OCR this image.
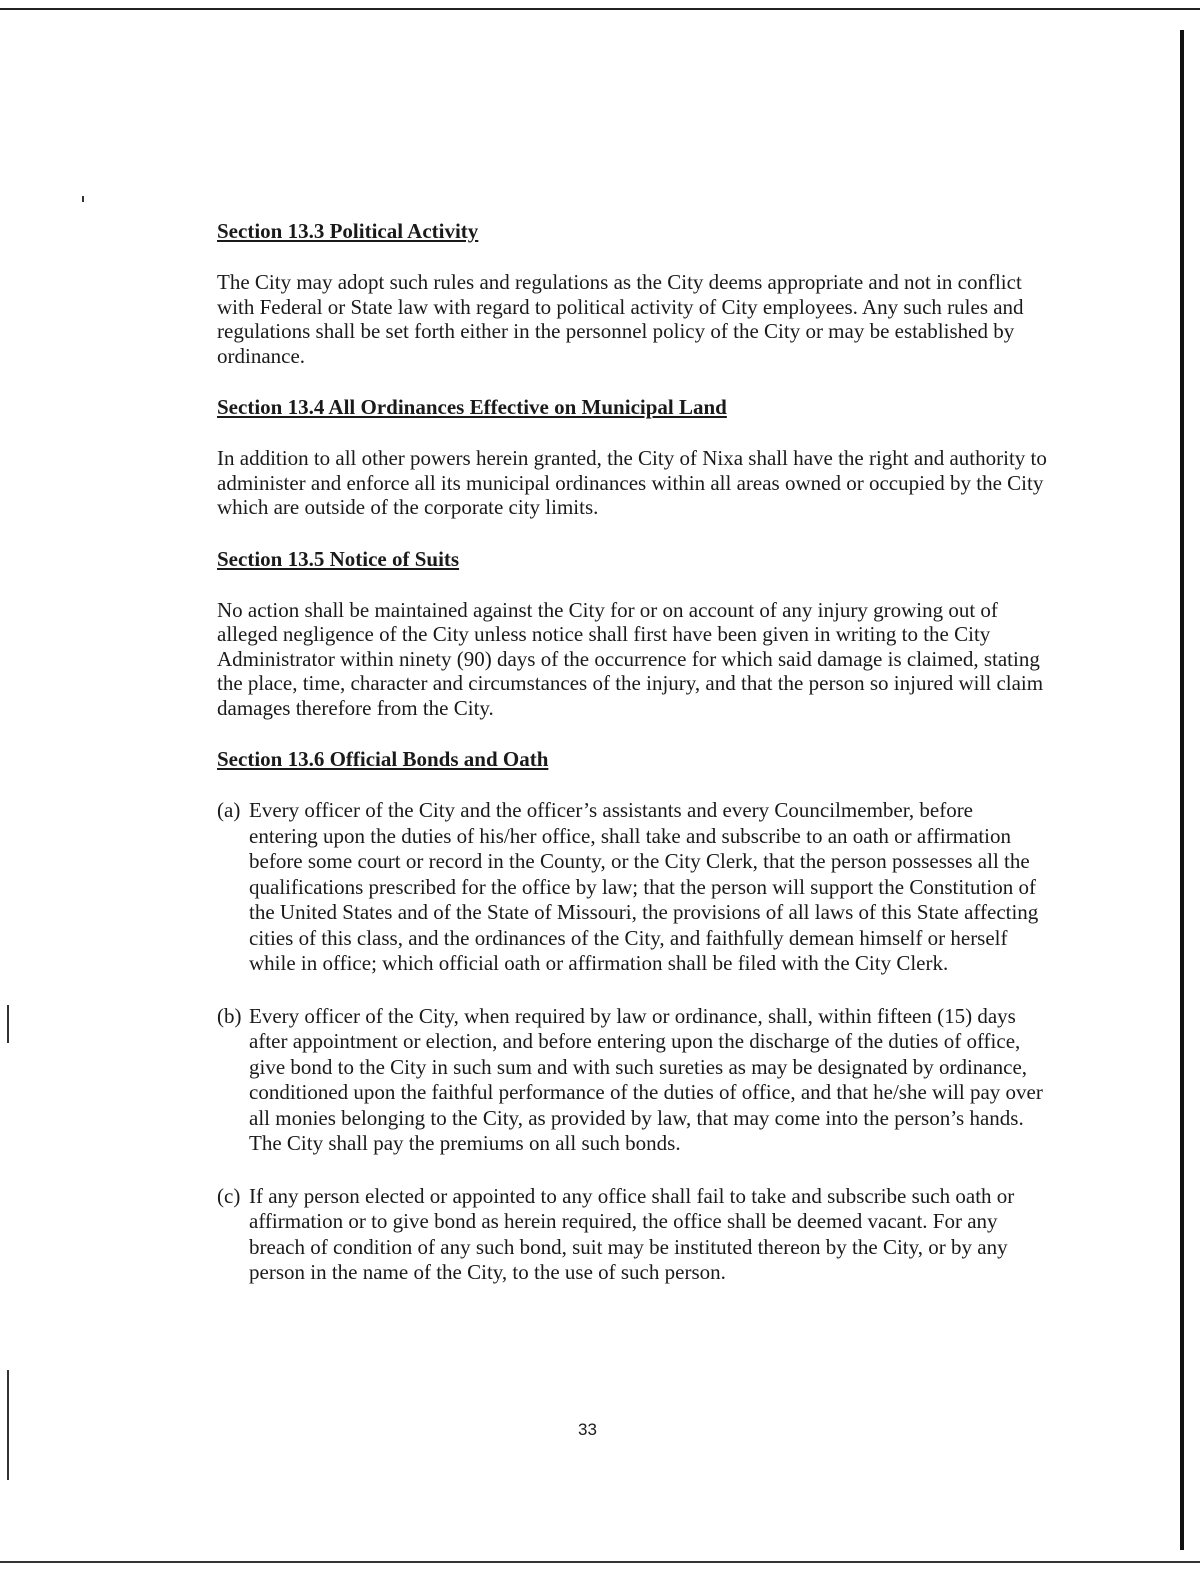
Section 13.3 Political Activity

The City may adopt such rules and regulations as the City deems appropriate and not in conflict with Federal or State law with regard to political activity of City employees. Any such rules and regulations shall be set forth either in the personnel policy of the City or may be established by ordinance.

Section 13.4 All Ordinances Effective on Municipal Land

In addition to all other powers herein granted, the City of Nixa shall have the right and authority to administer and enforce all its municipal ordinances within all areas owned or occupied by the City which are outside of the corporate city limits.

Section 13.5 Notice of Suits

No action shall be maintained against the City for or on account of any injury growing out of alleged negligence of the City unless notice shall first have been given in writing to the City Administrator within ninety (90) days of the occurrence for which said damage is claimed, stating the place, time, character and circumstances of the injury, and that the person so injured will claim damages therefore from the City.

Section 13.6 Official Bonds and Oath
(a) Every officer of the City and the officer’s assistants and every Councilmember, before entering upon the duties of his/her office, shall take and subscribe to an oath or affirmation before some court or record in the County, or the City Clerk, that the person possesses all the qualifications prescribed for the office by law; that the person will support the Constitution of the United States and of the State of Missouri, the provisions of all laws of this State affecting cities of this class, and the ordinances of the City, and faithfully demean himself or herself while in office; which official oath or affirmation shall be filed with the City Clerk.
(b) Every officer of the City, when required by law or ordinance, shall, within fifteen (15) days after appointment or election, and before entering upon the discharge of the duties of office, give bond to the City in such sum and with such sureties as may be designated by ordinance, conditioned upon the faithful performance of the duties of office, and that he/she will pay over all monies belonging to the City, as provided by law, that may come into the person’s hands. The City shall pay the premiums on all such bonds.
(c) If any person elected or appointed to any office shall fail to take and subscribe such oath or affirmation or to give bond as herein required, the office shall be deemed vacant. For any breach of condition of any such bond, suit may be instituted thereon by the City, or by any person in the name of the City, to the use of such person.
33
